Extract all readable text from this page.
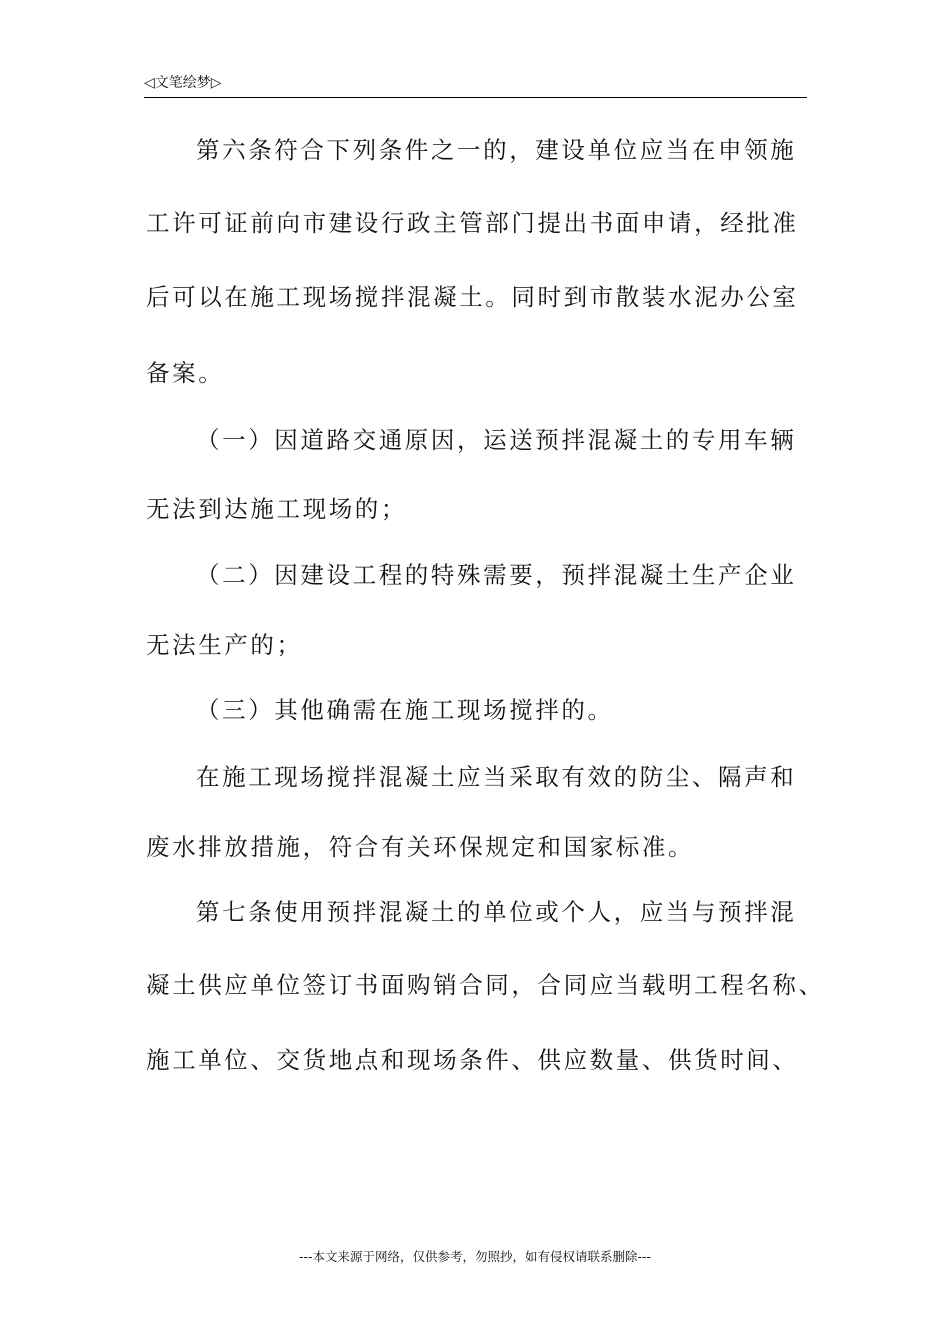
◁文笔绘梦▷
第六条符合下列条件之一的，建设单位应当在申领施
工许可证前向市建设行政主管部门提出书面申请，经批准
后可以在施工现场搅拌混凝土。同时到市散装水泥办公室
备案。
（一）因道路交通原因，运送预拌混凝土的专用车辆
无法到达施工现场的；
（二）因建设工程的特殊需要，预拌混凝土生产企业
无法生产的；
（三）其他确需在施工现场搅拌的。
在施工现场搅拌混凝土应当采取有效的防尘、隔声和
废水排放措施，符合有关环保规定和国家标准。
第七条使用预拌混凝土的单位或个人，应当与预拌混
凝土供应单位签订书面购销合同，合同应当载明工程名称、
施工单位、交货地点和现场条件、供应数量、供货时间、
---本文来源于网络，仅供参考，勿照抄，如有侵权请联系删除---
